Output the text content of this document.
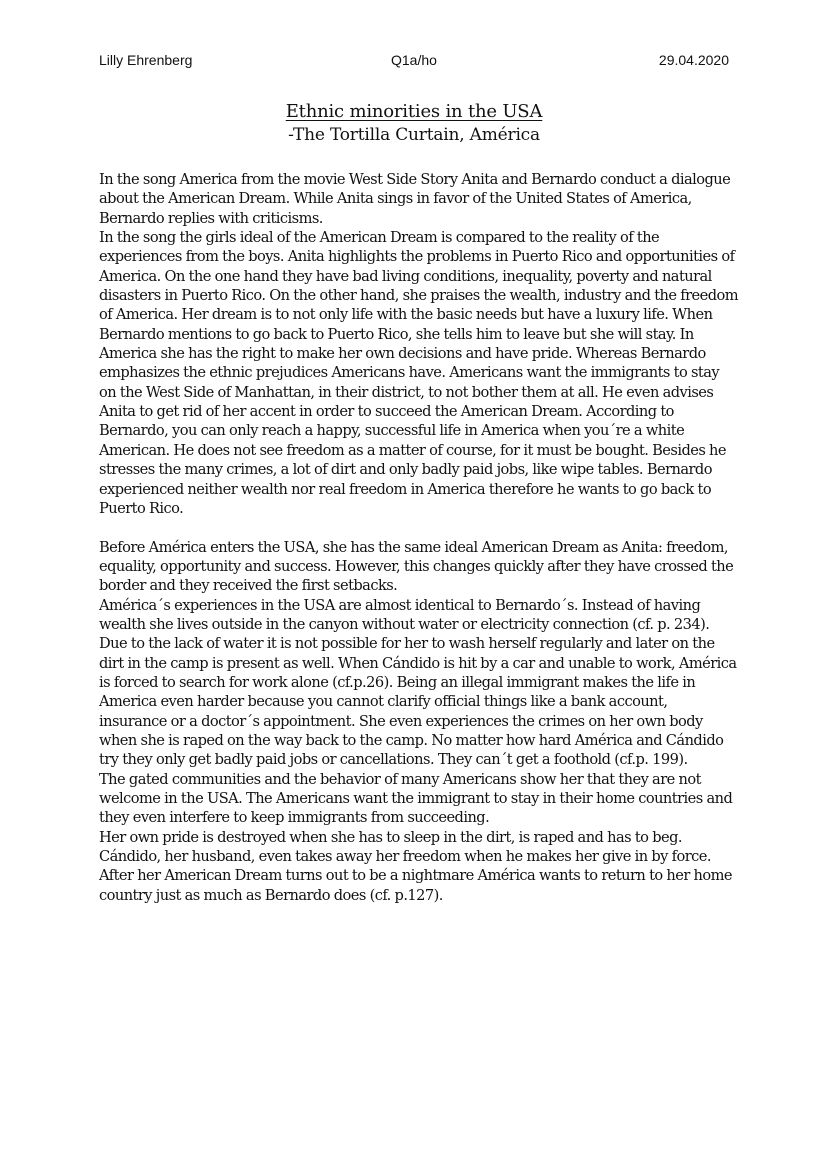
Lilly Ehrenberg	Q1a/ho	29.04.2020
Ethnic minorities in the USA
-The Tortilla Curtain, América

In the song America from the movie West Side Story Anita and Bernardo conduct a dialogue about the American Dream. While Anita sings in favor of the United States of America, Bernardo replies with criticisms.

In the song the girls ideal of the American Dream is compared to the reality of the experiences from the boys. Anita highlights the problems in Puerto Rico and opportunities of America. On the one hand they have bad living conditions, inequality, poverty and natural disasters in Puerto Rico. On the other hand, she praises the wealth, industry and the freedom of America. Her dream is to not only life with the basic needs but have a luxury life. When Bernardo mentions to go back to Puerto Rico, she tells him to leave but she will stay. In America she has the right to make her own decisions and have pride. Whereas Bernardo emphasizes the ethnic prejudices Americans have. Americans want the immigrants to stay on the West Side of Manhattan, in their district, to not bother them at all. He even advises Anita to get rid of her accent in order to succeed the American Dream. According to Bernardo, you can only reach a happy, successful life in America when you´re a white American. He does not see freedom as a matter of course, for it must be bought. Besides he stresses the many crimes, a lot of dirt and only badly paid jobs, like wipe tables. Bernardo experienced neither wealth nor real freedom in America therefore he wants to go back to Puerto Rico.

Before América enters the USA, she has the same ideal American Dream as Anita: freedom, equality, opportunity and success. However, this changes quickly after they have crossed the border and they received the first setbacks.

América´s experiences in the USA are almost identical to Bernardo´s. Instead of having wealth she lives outside in the canyon without water or electricity connection (cf. p. 234). Due to the lack of water it is not possible for her to wash herself regularly and later on the dirt in the camp is present as well. When Cándido is hit by a car and unable to work, América is forced to search for work alone (cf.p.26). Being an illegal immigrant makes the life in America even harder because you cannot clarify official things like a bank account, insurance or a doctor´s appointment. She even experiences the crimes on her own body when she is raped on the way back to the camp. No matter how hard América and Cándido try they only get badly paid jobs or cancellations. They can´t get a foothold (cf.p. 199).

The gated communities and the behavior of many Americans show her that they are not welcome in the USA. The Americans want the immigrant to stay in their home countries and they even interfere to keep immigrants from succeeding.

Her own pride is destroyed when she has to sleep in the dirt, is raped and has to beg. Cándido, her husband, even takes away her freedom when he makes her give in by force. After her American Dream turns out to be a nightmare América wants to return to her home country just as much as Bernardo does (cf. p.127).
